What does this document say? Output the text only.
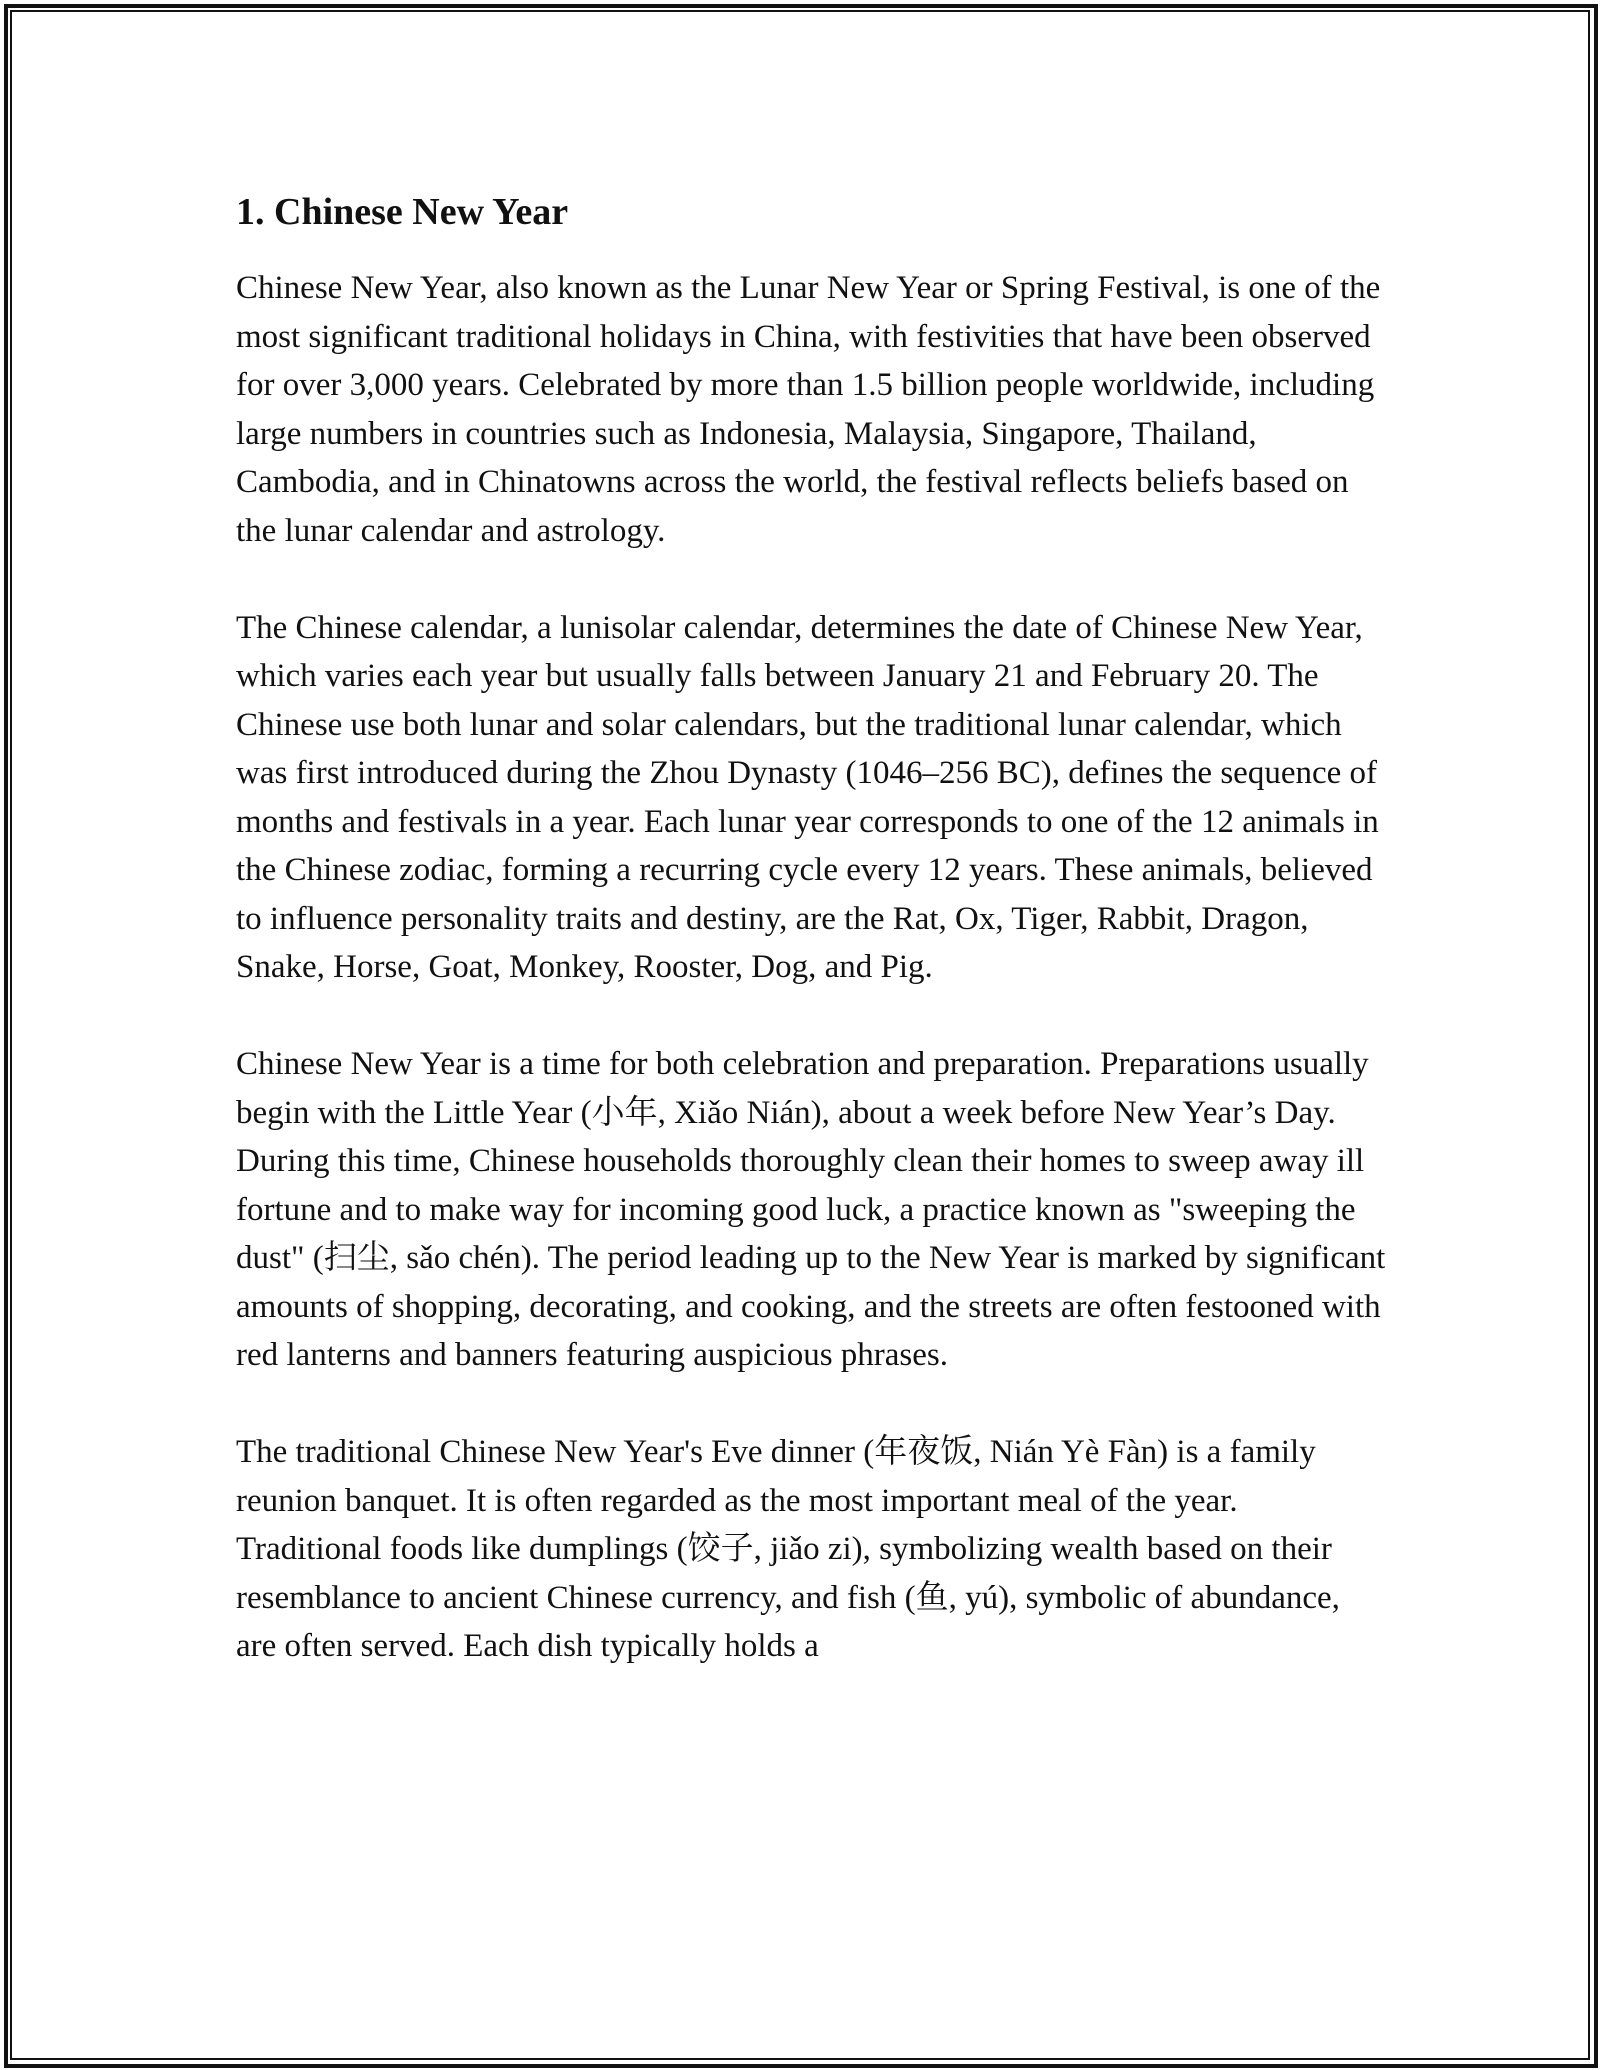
1. Chinese New Year

Chinese New Year, also known as the Lunar New Year or Spring Festival, is one of the most significant traditional holidays in China, with festivities that have been observed for over 3,000 years. Celebrated by more than 1.5 billion people worldwide, including large numbers in countries such as Indonesia, Malaysia, Singapore, Thailand, Cambodia, and in Chinatowns across the world, the festival reflects beliefs based on the lunar calendar and astrology.

The Chinese calendar, a lunisolar calendar, determines the date of Chinese New Year, which varies each year but usually falls between January 21 and February 20. The Chinese use both lunar and solar calendars, but the traditional lunar calendar, which was first introduced during the Zhou Dynasty (1046–256 BC), defines the sequence of months and festivals in a year. Each lunar year corresponds to one of the 12 animals in the Chinese zodiac, forming a recurring cycle every 12 years. These animals, believed to influence personality traits and destiny, are the Rat, Ox, Tiger, Rabbit, Dragon, Snake, Horse, Goat, Monkey, Rooster, Dog, and Pig.

Chinese New Year is a time for both celebration and preparation. Preparations usually begin with the Little Year (小年, Xiǎo Nián), about a week before New Year’s Day. During this time, Chinese households thoroughly clean their homes to sweep away ill fortune and to make way for incoming good luck, a practice known as "sweeping the dust" (扫尘, sǎo chén). The period leading up to the New Year is marked by significant amounts of shopping, decorating, and cooking, and the streets are often festooned with red lanterns and banners featuring auspicious phrases.

The traditional Chinese New Year's Eve dinner (年夜饭, Nián Yè Fàn) is a family reunion banquet. It is often regarded as the most important meal of the year. Traditional foods like dumplings (饺子, jiǎo zi), symbolizing wealth based on their resemblance to ancient Chinese currency, and fish (鱼, yú), symbolic of abundance, are often served. Each dish typically holds a
